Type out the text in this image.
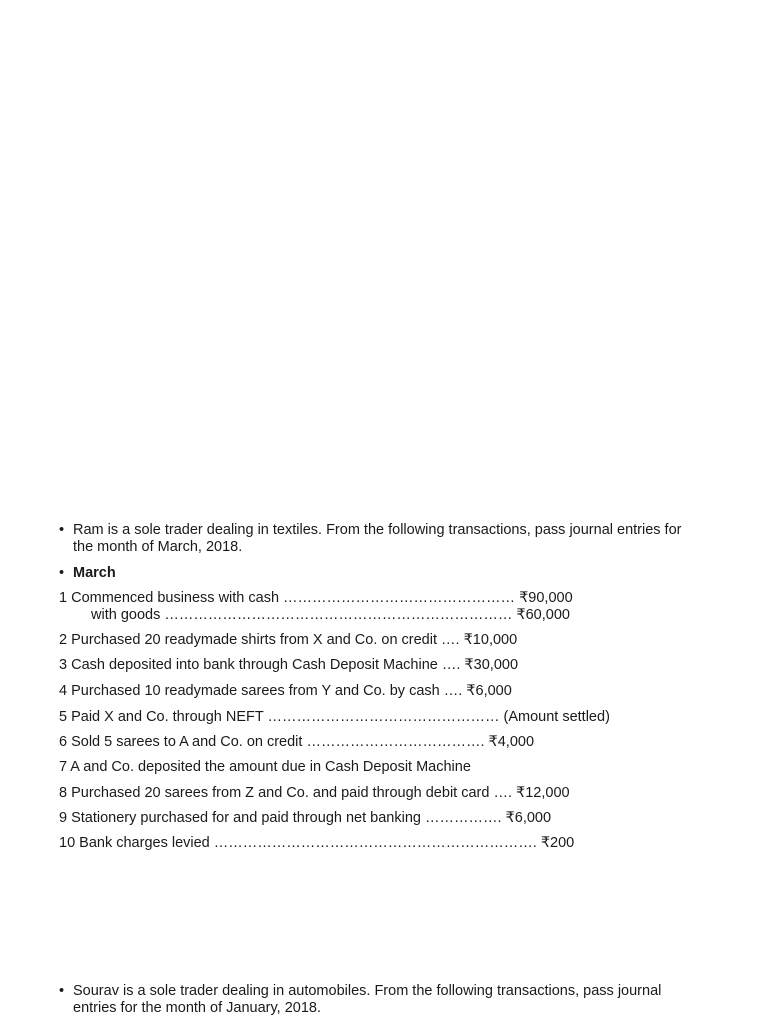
• Ram is a sole trader dealing in textiles. From the following transactions, pass journal entries for the month of March, 2018.
• March
1 Commenced business with cash ………………………………………… ₹90,000
with goods ……………………………………………………………… ₹60,000
2 Purchased 20 readymade shirts from X and Co. on credit …. ₹10,000
3 Cash deposited into bank through Cash Deposit Machine …. ₹30,000
4 Purchased 10 readymade sarees from Y and Co. by cash …. ₹6,000
5 Paid X and Co. through NEFT ………………………………………… (Amount settled)
6 Sold 5 sarees to A and Co. on credit ………………………………. ₹4,000
7 A and Co. deposited the amount due in Cash Deposit Machine
8 Purchased 20 sarees from Z and Co. and paid through debit card …. ₹12,000
9 Stationery purchased for and paid through net banking ……………. ₹6,000
10 Bank charges levied …………………………………………………………. ₹200
• Sourav is a sole trader dealing in automobiles. From the following transactions, pass journal entries for the month of January, 2018.
